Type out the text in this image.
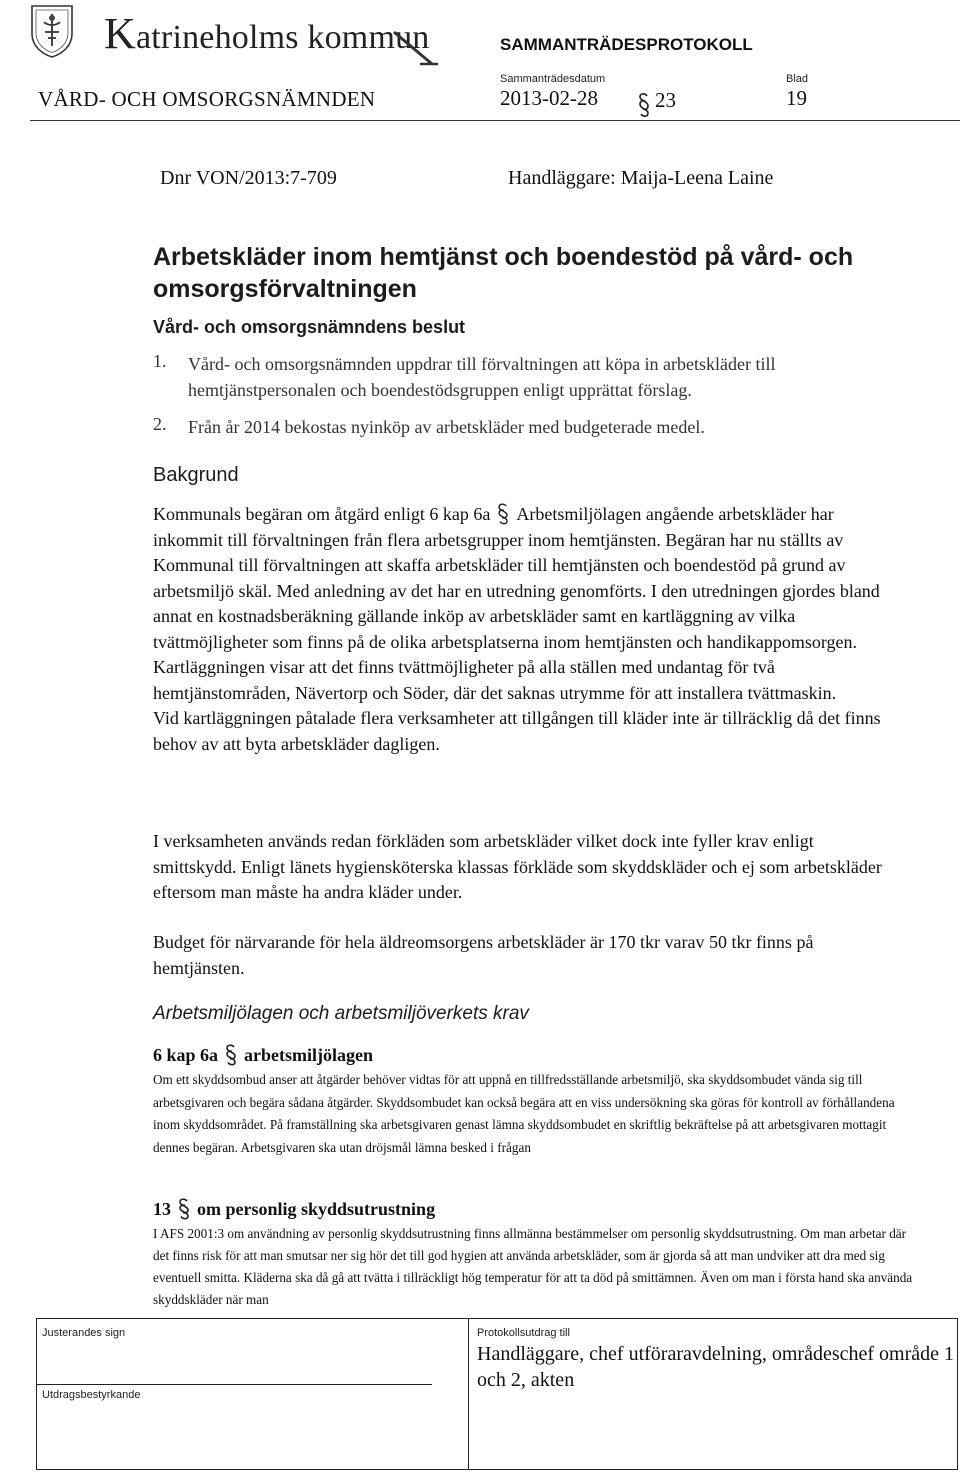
Katrineholms kommun	SAMMANTRÄDESPROTOKOLL
VÅRD- OCH OMSORGSNÄMNDEN
Sammanträdesdatum
2013-02-28	23
Blad
19
Dnr VON/2013:7-709	Handläggare: Maija-Leena Laine
Arbetskläder inom hemtjänst och boendestöd på vård- och omsorgsförvaltningen
Vård- och omsorgsnämndens beslut
1. Vård- och omsorgsnämnden uppdrar till förvaltningen att köpa in arbetskläder till hemtjänstpersonalen och boendestödsgruppen enligt upprättat förslag.
2. Från år 2014 bekostas nyinköp av arbetskläder med budgeterade medel.
Bakgrund
Kommunals begäran om åtgärd enligt 6 kap 6a Arbetsmiljölagen angående arbetskläder har inkommit till förvaltningen från flera arbetsgrupper inom hemtjänsten. Begäran har nu ställts av Kommunal till förvaltningen att skaffa arbetskläder till hemtjänsten och boendestöd på grund av arbetsmiljö skäl. Med anledning av det har en utredning genomförts. I den utredningen gjordes bland annat en kostnadsberäkning gällande inköp av arbetskläder samt en kartläggning av vilka tvättmöjligheter som finns på de olika arbetsplatserna inom hemtjänsten och handikappomsorgen. Kartläggningen visar att det finns tvättmöjligheter på alla ställen med undantag för två hemtjänstområden, Nävertorp och Söder, där det saknas utrymme för att installera tvättmaskin.
Vid kartläggningen påtalade flera verksamheter att tillgången till kläder inte är tillräcklig då det finns behov av att byta arbetskläder dagligen.
I verksamheten används redan förkläden som arbetskläder vilket dock inte fyller krav enligt smittskydd. Enligt länets hygiensköterska klassas förkläde som skyddskläder och ej som arbetskläder eftersom man måste ha andra kläder under.
Budget för närvarande för hela äldreomsorgens arbetskläder är 170 tkr varav 50 tkr finns på hemtjänsten.
Arbetsmiljölagen och arbetsmiljöverkets krav
6 kap 6a arbetsmiljölagen
Om ett skyddsombud anser att åtgärder behöver vidtas för att uppnå en tillfredsställande arbetsmiljö, ska skyddsombudet vända sig till arbetsgivaren och begära sådana åtgärder. Skyddsombudet kan också begära att en viss undersökning ska göras för kontroll av förhållandena inom skyddsområdet. På framställning ska arbetsgivaren genast lämna skyddsombudet en skriftlig bekräftelse på att arbetsgivaren mottagit dennes begäran. Arbetsgivaren ska utan dröjsmål lämna besked i frågan
13 om personlig skyddsutrustning
I AFS 2001:3 om användning av personlig skyddsutrustning finns allmänna bestämmelser om personlig skyddsutrustning. Om man arbetar där det finns risk för att man smutsar ner sig hör det till god hygien att använda arbetskläder, som är gjorda så att man undviker att dra med sig eventuell smitta. Kläderna ska då gå att tvätta i tillräckligt hög temperatur för att ta död på smittämnen. Även om man i första hand ska använda skyddskläder när man
Justerandes sign
Utdragsbestyrkande
Protokollsutdrag till
Handläggare, chef utföraravdelning, områdeschef område 1 och 2, akten
